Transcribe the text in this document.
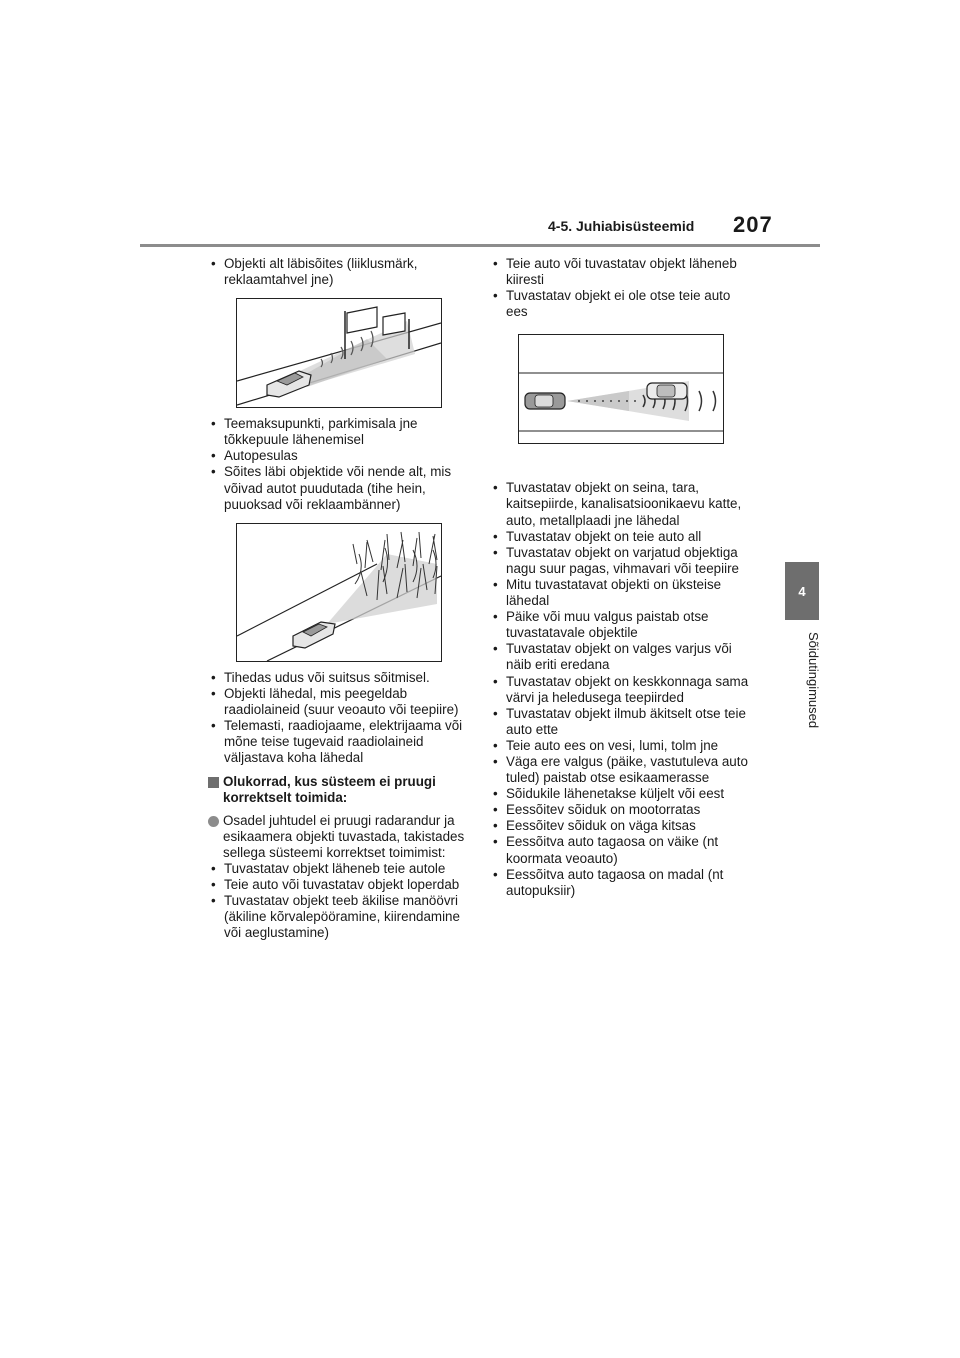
4-5. Juhiabisüsteemid 207
4
Sõidutingimused
• Objekti alt läbisõites (liiklusmärk, reklaamtahvel jne)
• Teemaksupunkti, parkimisala jne tõkkepuule lähenemisel
• Autopesulas
• Sõites läbi objektide või nende alt, mis võivad autot puudutada (tihe hein, puuoksad või reklaambänner)
• Tihedas udus või suitsus sõitmisel.
• Objekti lähedal, mis peegeldab raadiolaineid (suur veoauto või teepiire)
• Telemasti, raadiojaame, elektrijaama või mõne teise tugevaid raadiolaineid väljastava koha lähedal
Olukorrad, kus süsteem ei pruugi korrektselt toimida:
Osadel juhtudel ei pruugi radarandur ja esikaamera objekti tuvastada, takistades sellega süsteemi korrektset toimimist:
• Tuvastatav objekt läheneb teie autole
• Teie auto või tuvastatav objekt loperdab
• Tuvastatav objekt teeb äkilise manöövri (äkiline kõrvalepööramine, kiirendamine või aeglustamine)
• Teie auto või tuvastatav objekt läheneb kiiresti
• Tuvastatav objekt ei ole otse teie auto ees
• Tuvastatav objekt on seina, tara, kaitsepiirde, kanalisatsioonikaevu katte, auto, metallplaadi jne lähedal
• Tuvastatav objekt on teie auto all
• Tuvastatav objekt on varjatud objektiga nagu suur pagas, vihmavari või teepiire
• Mitu tuvastatavat objekti on üksteise lähedal
• Päike või muu valgus paistab otse tuvastatavale objektile
• Tuvastatav objekt on valges varjus või näib eriti eredana
• Tuvastatav objekt on keskkonnaga sama värvi ja heledusega teepiirded
• Tuvastatav objekt ilmub äkitselt otse teie auto ette
• Teie auto ees on vesi, lumi, tolm jne
• Väga ere valgus (päike, vastutuleva auto tuled) paistab otse esikaamerasse
• Sõidukile lähenetakse küljelt või eest
• Eessõitev sõiduk on mootorratas
• Eessõitev sõiduk on väga kitsas
• Eessõitva auto tagaosa on väike (nt koormata veoauto)
• Eessõitva auto tagaosa on madal (nt autopuksiir)
